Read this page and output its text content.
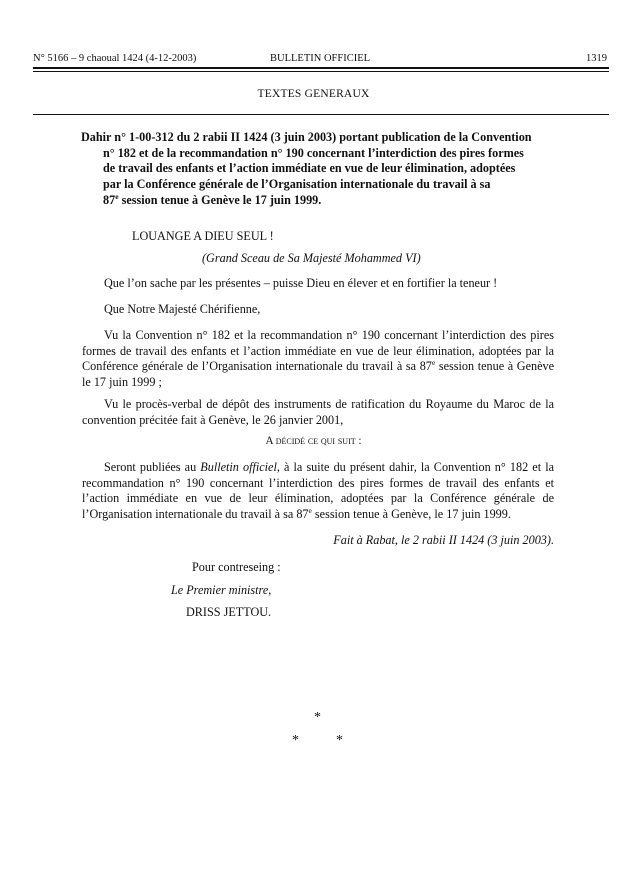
N° 5166 – 9 chaoual 1424 (4-12-2003)	BULLETIN OFFICIEL	1319
TEXTES GENERAUX

Dahir n° 1-00-312 du 2 rabii II 1424 (3 juin 2003) portant publication de la Convention

n° 182 et de la recommandation n° 190 concernant l’interdiction des pires formes

de travail des enfants et l’action immédiate en vue de leur élimination, adoptées

par la Conférence générale de l’Organisation internationale du travail à sa

87e session tenue à Genève le 17 juin 1999.

LOUANGE A DIEU SEUL !
(Grand Sceau de Sa Majesté Mohammed VI)
Que l’on sache par les présentes – puisse Dieu en élever et en fortifier la teneur !
Que Notre Majesté Chérifienne,

Vu la Convention n° 182 et la recommandation n° 190 concernant l’interdiction des pires formes de travail des enfants et l’action immédiate en vue de leur élimination, adoptées par la Conférence générale de l’Organisation internationale du travail à sa 87e session tenue à Genève le 17 juin 1999 ;

Vu le procès-verbal de dépôt des instruments de ratification du Royaume du Maroc de la convention précitée fait à Genève, le 26 janvier 2001,

A décidé ce qui suit :

Seront publiées au Bulletin officiel, à la suite du présent dahir, la Convention n° 182 et la recommandation n° 190 concernant l’interdiction des pires formes de travail des enfants et l’action immédiate en vue de leur élimination, adoptées par la Conférence générale de l’Organisation internationale du travail à sa 87e session tenue à Genève, le 17 juin 1999.

Fait à Rabat, le 2 rabii II 1424 (3 juin 2003).
Pour contreseing :
Le Premier ministre,
DRISS JETTOU.
*
*	*
